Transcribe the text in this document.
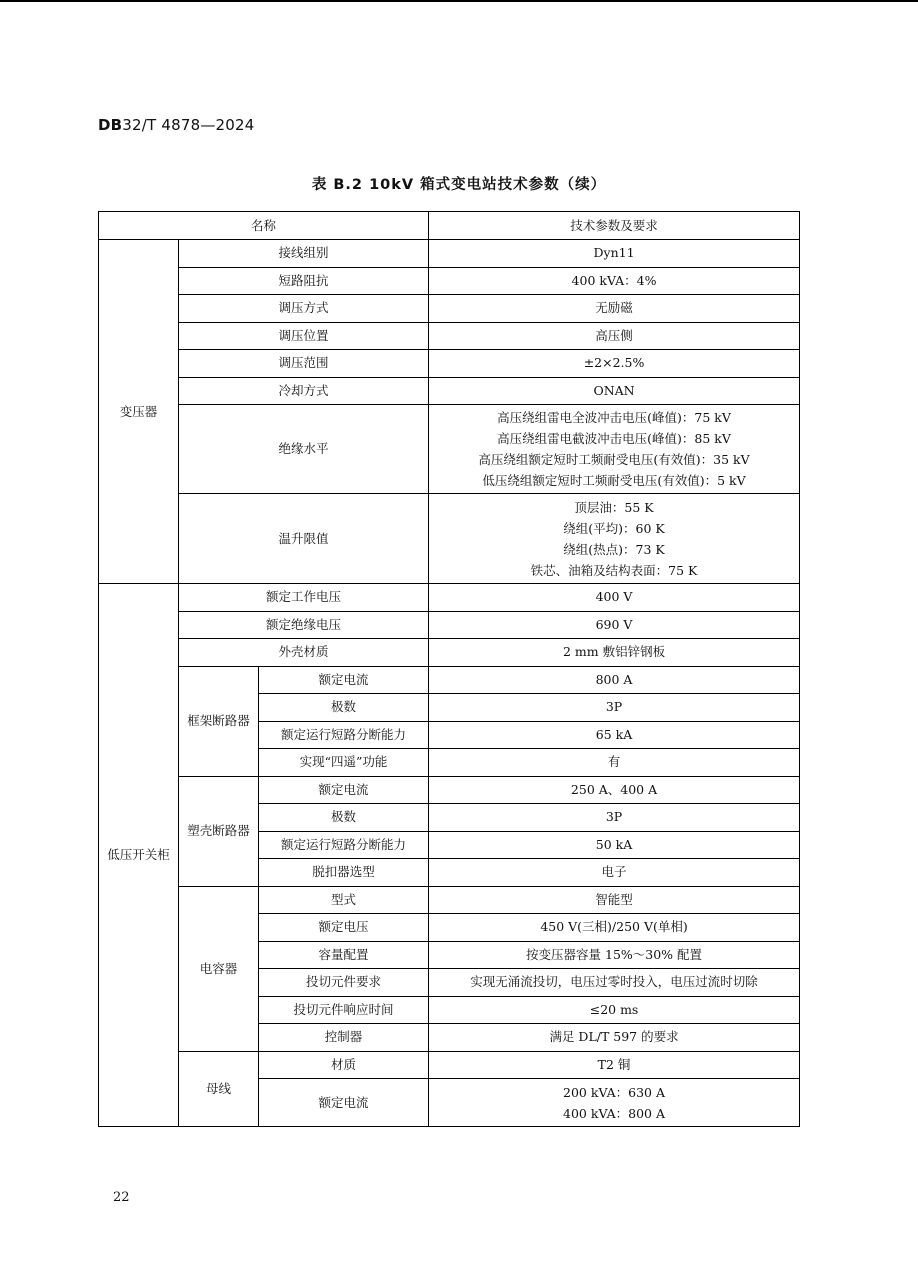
DB32/T 4878—2024
表 B.2 10kV 箱式变电站技术参数（续）
名称			技术参数及要求
变压器	接线组别		Dyn11
	短路阻抗		400 kVA：4%
	调压方式		无励磁
	调压位置		高压侧
	调压范围		±2×2.5%
	冷却方式		ONAN
	绝缘水平		高压绕组雷电全波冲击电压(峰值)：75 kV
高压绕组雷电截波冲击电压(峰值)：85 kV
高压绕组额定短时工频耐受电压(有效值)：35 kV
低压绕组额定短时工频耐受电压(有效值)：5 kV

	温升限值		顶层油：55 K
绕组(平均)：60 K
绕组(热点)：73 K
铁芯、油箱及结构表面：75 K

低压开关柜	额定工作电压		400 V
	额定绝缘电压		690 V
	外壳材质		2 mm 敷铝锌钢板
	框架断路器	额定电流	800 A
		极数	3P
		额定运行短路分断能力	65 kA
		实现“四遥”功能	有
	塑壳断路器	额定电流	250 A、400 A
		极数	3P
		额定运行短路分断能力	50 kA
		脱扣器选型	电子
	电容器	型式	智能型
		额定电压	450 V(三相)/250 V(单相)
		容量配置	按变压器容量 15%～30% 配置
		投切元件要求	实现无涌流投切，电压过零时投入，电压过流时切除
		投切元件响应时间	≤20 ms
		控制器	满足 DL/T 597 的要求
	母线	材质	T2 铜
		额定电流	200 kVA：630 A
400 kVA：800 A
22
